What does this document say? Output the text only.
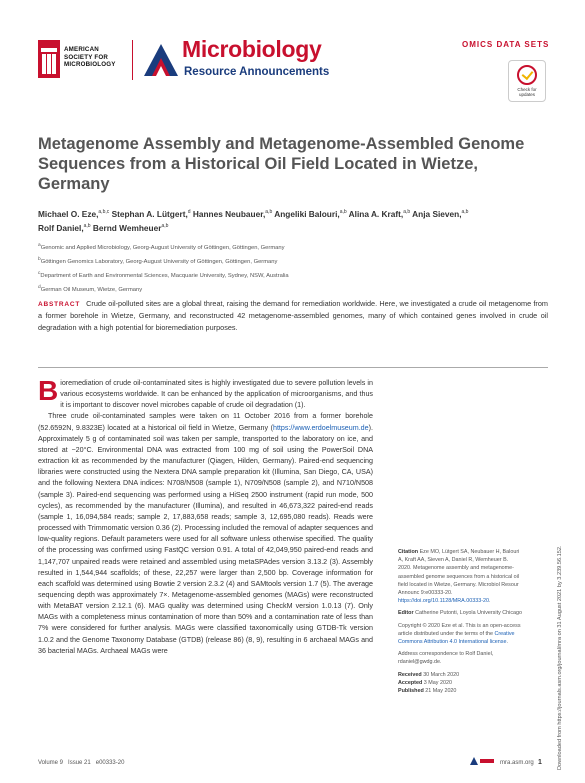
AMERICAN
SOCIETY FOR
MICROBIOLOGY
Microbiology
Resource Announcements
OMICS DATA SETS
Check for updates
Metagenome Assembly and Metagenome-Assembled Genome Sequences from a Historical Oil Field Located in Wietze, Germany
Michael O. Eze,$^{a,b,c}$ Stephan A. Lütgert,$^d$ Hannes Neubauer,$^{a,b}$ Angeliki Balouri,$^{a,b}$ Alina A. Kraft,$^{a,b}$ Anja Sieven,$^{a,b}$
Rolf Daniel,$^{a,b}$ Bernd Wemheuer$^{a,b}$
$^a$Genomic and Applied Microbiology, Georg-August University of Göttingen, Göttingen, Germany
$^b$Göttingen Genomics Laboratory, Georg-August University of Göttingen, Göttingen, Germany
$^c$Department of Earth and Environmental Sciences, Macquarie University, Sydney, NSW, Australia
$^d$German Oil Museum, Wietze, Germany
ABSTRACT Crude oil-polluted sites are a global threat, raising the demand for remediation worldwide. Here, we investigated a crude oil metagenome from a former borehole in Wietze, Germany, and reconstructed 42 metagenome-assembled genomes, many of which contained genes involved in crude oil degradation with a high potential for bioremediation purposes.

Bioremediation of crude oil-contaminated sites is highly investigated due to severe pollution levels in various ecosystems worldwide. It can be enhanced by the application of microorganisms, and thus it is important to discover novel microbes capable of crude oil degradation (1).

Three crude oil-contaminated samples were taken on 11 October 2016 from a former borehole (52.6592N, 9.8323E) located at a historical oil field in Wietze, Germany (https://www.erdoelmuseum.de). Approximately 5 g of contaminated soil was taken per sample, transported to the laboratory on ice, and stored at −20°C. Environmental DNA was extracted from 100 mg of soil using the PowerSoil DNA extraction kit as recommended by the manufacturer (Qiagen, Hilden, Germany). Paired-end sequencing libraries were constructed using the Nextera DNA sample preparation kit (Illumina, San Diego, CA, USA) and the following Nextera DNA indices: N708/N508 (sample 1), N709/N508 (sample 2), and N710/N508 (sample 3). Paired-end sequencing was performed using a HiSeq 2500 instrument (rapid run mode, 500 cycles), as recommended by the manufacturer (Illumina), and resulted in 46,673,322 paired-end reads (sample 1, 16,094,584 reads; sample 2, 17,883,658 reads; sample 3, 12,695,080 reads). Reads were processed with Trimmomatic version 0.36 (2). Processing included the removal of adapter sequences and low-quality regions. Default parameters were used for all software unless otherwise specified. The quality of the processing was confirmed using FastQC version 0.91. A total of 42,049,950 paired-end reads and 1,147,707 unpaired reads were retained and assembled using metaSPAdes version 3.13.2 (3). Assembly resulted in 1,544,944 scaffolds; of these, 22,257 were larger than 2,500 bp. Coverage information for each scaffold was determined using Bowtie 2 version 2.3.2 (4) and SAMtools version 1.7 (5). The average sequencing depth was approximately 7×. Metagenome-assembled genomes (MAGs) were reconstructed with MetaBAT version 2.12.1 (6). MAG quality was determined using CheckM version 1.0.13 (7). Only MAGs with a completeness minus contamination of more than 50% and a contamination rate of less than 7% were considered for further analysis. MAGs were classified taxonomically using GTDB-Tk version 1.0.2 and the Genome Taxonomy Database (GTDB) (release 86) (8, 9), resulting in 6 archaeal MAGs and 36 bacterial MAGs. Archaeal MAGs were

Citation Eze MO, Lütgert SA, Neubauer H, Balouri A, Kraft AA, Sieven A, Daniel R, Wemheuer B. 2020. Metagenome assembly and metagenome-assembled genome sequences from a historical oil field located in Wietze, Germany. Microbiol Resour Announc 9:e00333-20. https://doi.org/10.1128/MRA.00333-20.
Editor Catherine Putonti, Loyola University Chicago
Copyright © 2020 Eze et al. This is an open-access article distributed under the terms of the Creative Commons Attribution 4.0 International license.
Address correspondence to Rolf Daniel, rdaniel@gwdg.de.
Received 30 March 2020
Accepted 3 May 2020
Published 21 May 2020	Downloaded from https://journals.asm.org/journal/mra on 31 August 2021 by 3.239.56.152.
Volume 9 Issue 21 e00333-20	mra.asm.org 1
